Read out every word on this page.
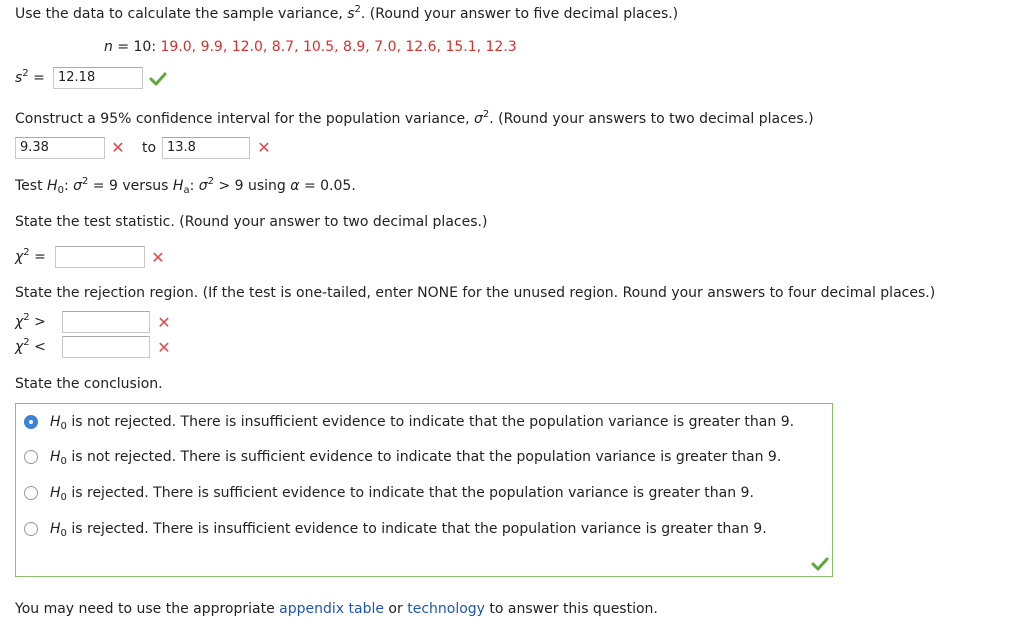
Use the data to calculate the sample variance, $s^2$. (Round your answer to five decimal places.)
n = 10: 19.0, 9.9, 12.0, 8.7, 10.5, 8.9, 7.0, 12.6, 15.1, 12.3
$s^2$ =	12.18
Construct a 95% confidence interval for the population variance, $\sigma^2$. (Round your answers to two decimal places.)
9.38	✕ to 13.8	✕
Test $H_0$: $\sigma^2 = 9$ versus $H_a$: $\sigma^2 > 9$ using α = 0.05.
State the test statistic. (Round your answer to two decimal places.)
$\chi^2$ =	✕
State the rejection region. (If the test is one-tailed, enter NONE for the unused region. Round your answers to four decimal places.)
$\chi^2$ >	✕
$\chi^2$ <	✕
State the conclusion.
$H_0$ is not rejected. There is insufficient evidence to indicate that the population variance is greater than 9.
$H_0$ is not rejected. There is sufficient evidence to indicate that the population variance is greater than 9.
$H_0$ is rejected. There is sufficient evidence to indicate that the population variance is greater than 9.
$H_0$ is rejected. There is insufficient evidence to indicate that the population variance is greater than 9.
You may need to use the appropriate appendix table or technology to answer this question.
